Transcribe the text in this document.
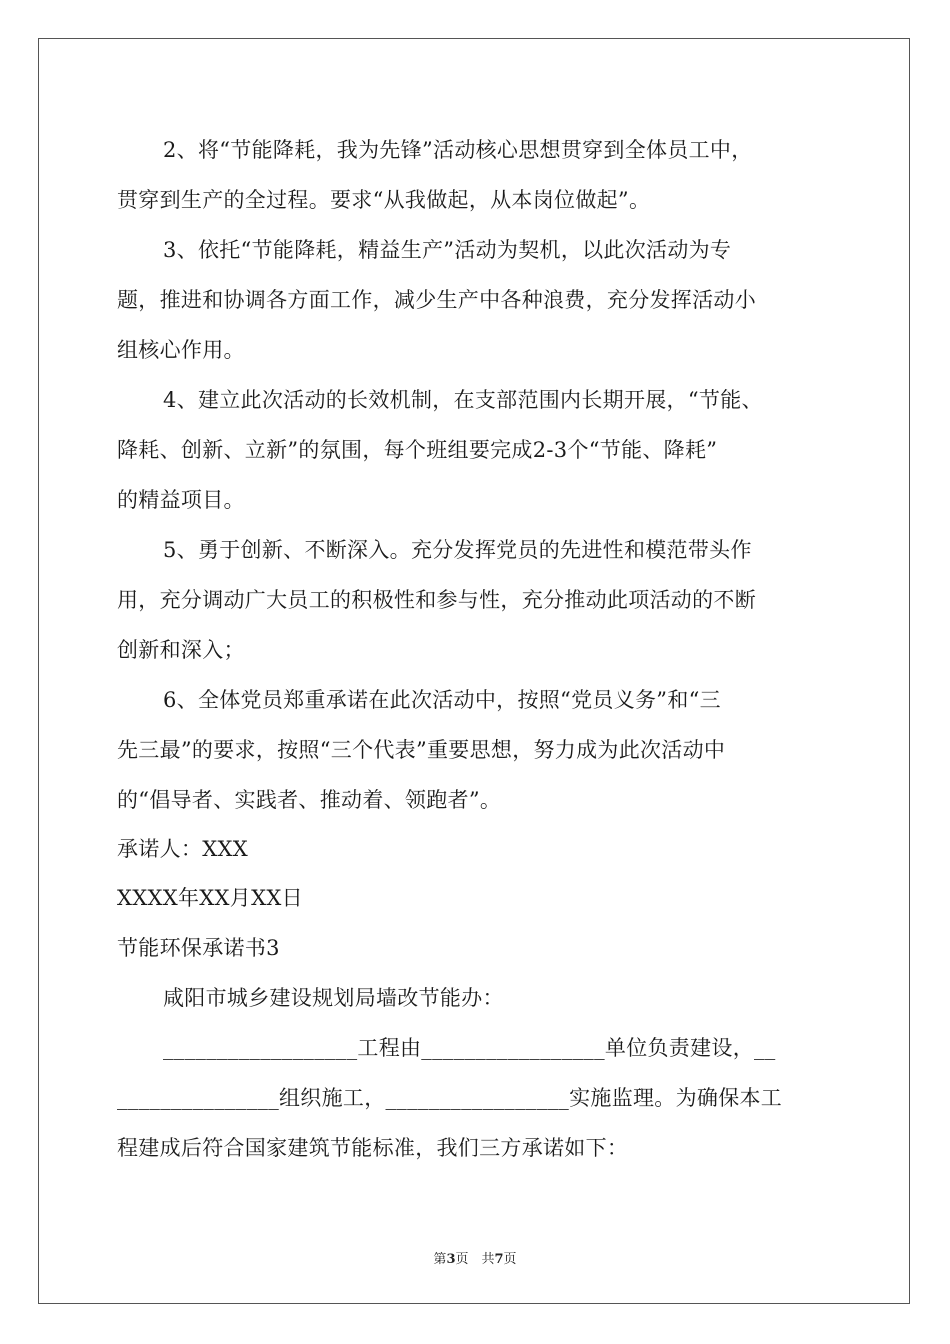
2、将“节能降耗，我为先锋”活动核心思想贯穿到全体员工中，
贯穿到生产的全过程。要求“从我做起，从本岗位做起”。
3、依托“节能降耗，精益生产”活动为契机，以此次活动为专
题，推进和协调各方面工作，减少生产中各种浪费，充分发挥活动小
组核心作用。
4、建立此次活动的长效机制，在支部范围内长期开展，“节能、
降耗、创新、立新”的氛围，每个班组要完成2-3个“节能、降耗”
的精益项目。
5、勇于创新、不断深入。充分发挥党员的先进性和模范带头作
用，充分调动广大员工的积极性和参与性，充分推动此项活动的不断
创新和深入；
6、全体党员郑重承诺在此次活动中，按照“党员义务”和“三
先三最”的要求，按照“三个代表”重要思想，努力成为此次活动中
的“倡导者、实践者、推动着、领跑者”。
承诺人：XXX
XXXX年XX月XX日
节能环保承诺书3
咸阳市城乡建设规划局墙改节能办：
__________________工程由_________________单位负责建设，__
_______________组织施工，_________________实施监理。为确保本工
程建成后符合国家建筑节能标准，我们三方承诺如下：
第3页　共7页
